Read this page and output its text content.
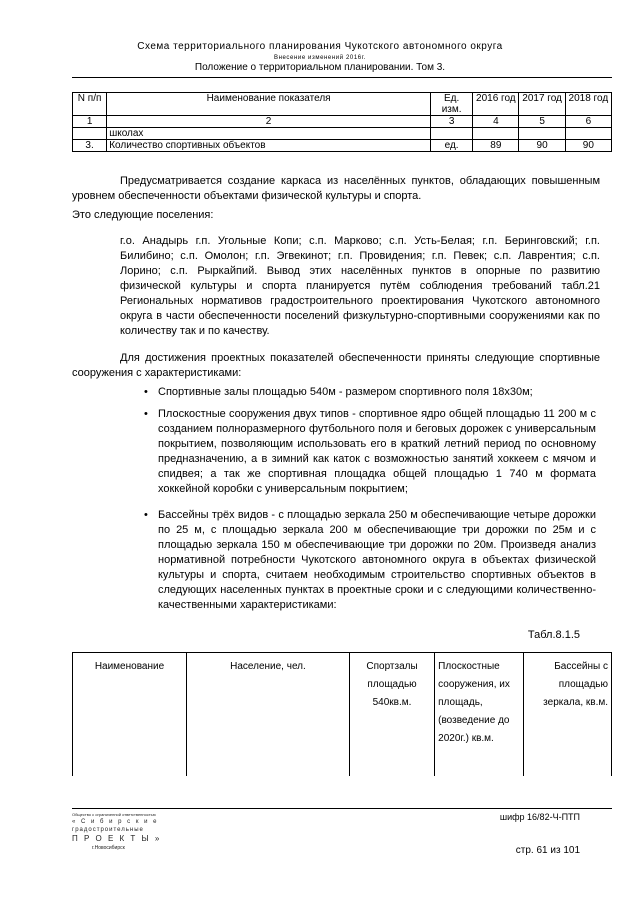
Схема территориального планирования Чукотского автономного округа
Внесение изменений 2016г.
Положение о территориальном планировании. Том 3.
N п/п	Наименование показателя	Ед. изм.	2016 год	2017 год	2018 год
1	2	3	4	5	6
	школах				
3.	Количество спортивных объектов	ед.	89	90	90
Предусматривается создание каркаса из населённых пунктов, обладающих повышенным уровнем обеспеченности объектами физической культуры и спорта.
Это следующие поселения:
г.о. Анадырь г.п. Угольные Копи; с.п. Марково; с.п. Усть-Белая; г.п. Беринговский; г.п. Билибино; с.п. Омолон; г.п. Эгвекинот; г.п. Провидения; г.п. Певек; с.п. Лаврентия; с.п. Лорино; с.п. Рыркайпий. Вывод этих населённых пунктов в опорные по развитию физической культуры и спорта планируется путём соблюдения требований табл.21 Региональных нормативов градостроительного проектирования Чукотского автономного округа в части обеспеченности поселений физкультурно-спортивными сооружениями как по количеству так и по качеству.
Для достижения проектных показателей обеспеченности приняты следующие спортивные сооружения с характеристиками:
• Спортивные залы площадью 540м - размером спортивного поля 18х30м;
• Плоскостные сооружения двух типов - спортивное ядро общей площадью 11 200 м с созданием полноразмерного футбольного поля и беговых дорожек с универсальным покрытием, позволяющим использовать его в краткий летний период по основному предназначению, а в зимний как каток с возможностью занятий хоккеем с мячом и спидвея; а так же спортивная площадка общей площадью 1 740 м формата хоккейной коробки с универсальным покрытием;
• Бассейны трёх видов - с площадью зеркала 250 м обеспечивающие четыре дорожки по 25 м, с площадью зеркала 200 м обеспечивающие три дорожки по 25м и с площадью зеркала 150 м обеспечивающие три дорожки по 20м. Произведя анализ нормативной потребности Чукотского автономного округа в объектах физической культуры и спорта, считаем необходимым строительство спортивных объектов в следующих населенных пунктах в проектные сроки и с следующими количественно-качественными характеристиками:
Табл.8.1.5
Наименование	Население, чел.	Спортзалы площадью 540кв.м.	Плоскостные сооружения, их площадь, (возведение до 2020г.) кв.м.	Бассейны с площадью зеркала, кв.м.
Общество с ограниченной ответственностью
« С и б и р с к и е
градостроительные
П Р О Е К Т Ы »
г.Новосибирск
шифр 16/82-Ч-ПТП
стр. 61 из 101
